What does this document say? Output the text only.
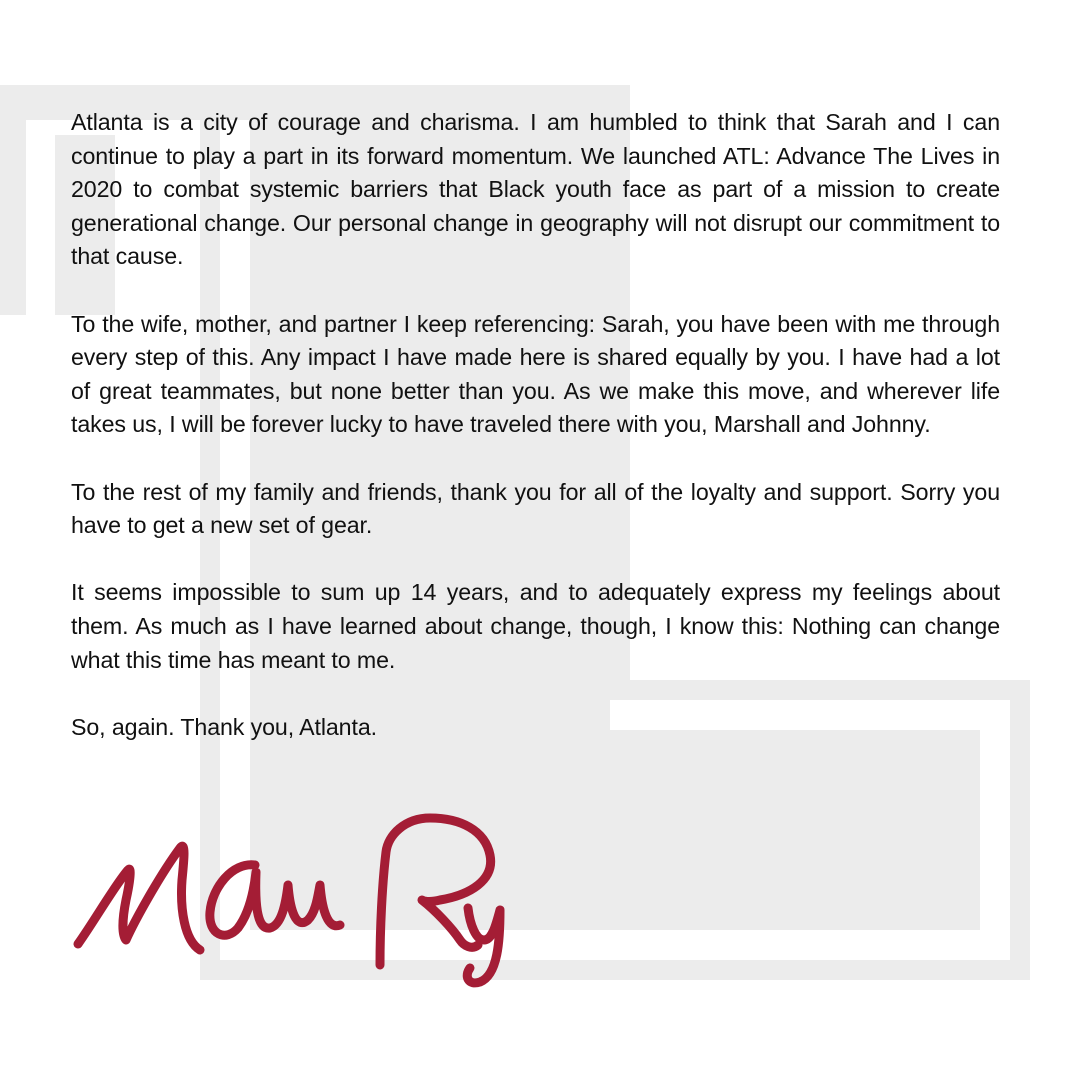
Atlanta is a city of courage and charisma. I am humbled to think that Sarah and I can continue to play a part in its forward momentum. We launched ATL: Advance The Lives in 2020 to combat systemic barriers that Black youth face as part of a mission to create generational change. Our personal change in geography will not disrupt our commitment to that cause.

To the wife, mother, and partner I keep referencing: Sarah, you have been with me through every step of this. Any impact I have made here is shared equally by you. I have had a lot of great teammates, but none better than you. As we make this move, and wherever life takes us, I will be forever lucky to have traveled there with you, Marshall and Johnny.

To the rest of my family and friends, thank you for all of the loyalty and support. Sorry you have to get a new set of gear.

It seems impossible to sum up 14 years, and to adequately express my feelings about them. As much as I have learned about change, though, I know this: Nothing can change what this time has meant to me.

So, again. Thank you, Atlanta.
